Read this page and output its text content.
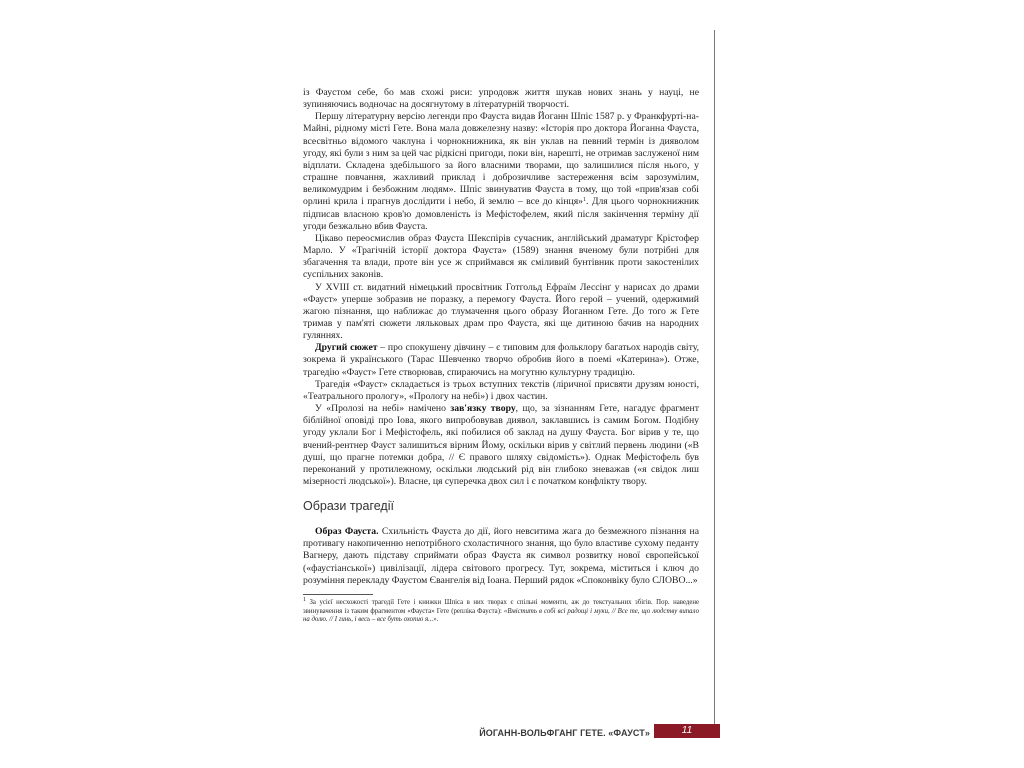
із Фаустом себе, бо мав схожі риси: упродовж життя шукав нових знань у науці, не зупиняючись водночас на досягнутому в літературній творчості.

Першу літературну версію легенди про Фауста видав Йоганн Шпіс 1587 р. у Франкфурті-на-Майні, рідному місті Гете. Вона мала довжелезну назву: «Історія про доктора Йоганна Фауста, всесвітньо відомого чаклуна і чорнокнижника, як він уклав на певний термін із дияволом угоду, які були з ним за цей час рідкісні пригоди, поки він, нарешті, не отримав заслуженої ним відплати. Складена здебільшого за його власними творами, що залишилися після нього, у страшне повчання, жахливий приклад і доброзичливе застереження всім зарозумілим, великомудрим і безбожним людям». Шпіс звинуватив Фауста в тому, що той «прив'язав собі орлині крила і прагнув дослідити і небо, й землю – все до кінця»$^1$. Для цього чорнокнижник підписав власною кров'ю домовленість із Мефістофелем, який після закінчення терміну дії угоди безжально вбив Фауста.

Цікаво переосмислив образ Фауста Шекспірів сучасник, англійський драматург Крістофер Марло. У «Трагічній історії доктора Фауста» (1589) знання вченому були потрібні для збагачення та влади, проте він усе ж сприймався як сміливий бунтівник проти закостенілих суспільних законів.

У XVIII ст. видатний німецький просвітник Готгольд Ефраїм Лессінґ у нарисах до драми «Фауст» уперше зобразив не поразку, а перемогу Фауста. Його герой – учений, одержимий жагою пізнання, що наближає до тлумачення цього образу Йоганном Гете. До того ж Гете тримав у пам'яті сюжети ляльковых драм про Фауста, які ще дитиною бачив на народних гуляннях.

Другий сюжет – про спокушену дівчину – є типовим для фольклору багатьох народів світу, зокрема й українського (Тарас Шевченко творчо обробив його в поемі «Катерина»). Отже, трагедію «Фауст» Гете створював, спираючись на могутню культурну традицію.

Трагедія «Фауст» складається із трьох вступних текстів (ліричної присвяти друзям юності, «Театрального прологу», «Прологу на небі») і двох частин.

У «Пролозі на небі» намічено зав'язку твору, що, за зізнанням Гете, нагадує фрагмент біблійної оповіді про Іова, якого випробовував диявол, заклавшись із самим Богом. Подібну угоду уклали Бог і Мефістофель, які побилися об заклад на душу Фауста. Бог вірив у те, що вчений-рентнер Фауст залишиться вірним Йому, оскільки вірив у світлий первень людини («В душі, що прагне потемки добра, // Є правого шляху свідомість»). Однак Мефістофель був переконаний у протилежному, оскільки людський рід він глибоко зневажав («я свідок лиш мізерності людської»). Власне, ця суперечка двох сил і є початком конфлікту твору.

Образи трагедії

Образ Фауста. Схильність Фауста до дії, його невситима жага до безмежного пізнання на противагу накопиченню непотрібного схоластичного знання, що було властиве сухому педанту Вагнеру, дають підставу сприймати образ Фауста як символ розвитку нової європейської («фаустіанської») цивілізації, лідера світового прогресу. Тут, зокрема, міститься і ключ до розуміння перекладу Фаустом Євангелія від Іоана. Перший рядок «Споконвіку було СЛОВО...»

$^1$ За усієї несхожості трагедії Гете і книжки Шпіса в них творах є спільні моменти, аж до текстуальних збігів. Пор. наведене звинувачення із таким фрагментом «Фауста» Гете (репліка Фауста): «Вмістить в собі всі радощі і муки, // Все те, що людству випало на долю. // І гинь, і весь – все буть охопио я...».

ЙОГАНН-ВОЛЬФГАНГ ГЕТЕ. «ФАУСТ»	11
